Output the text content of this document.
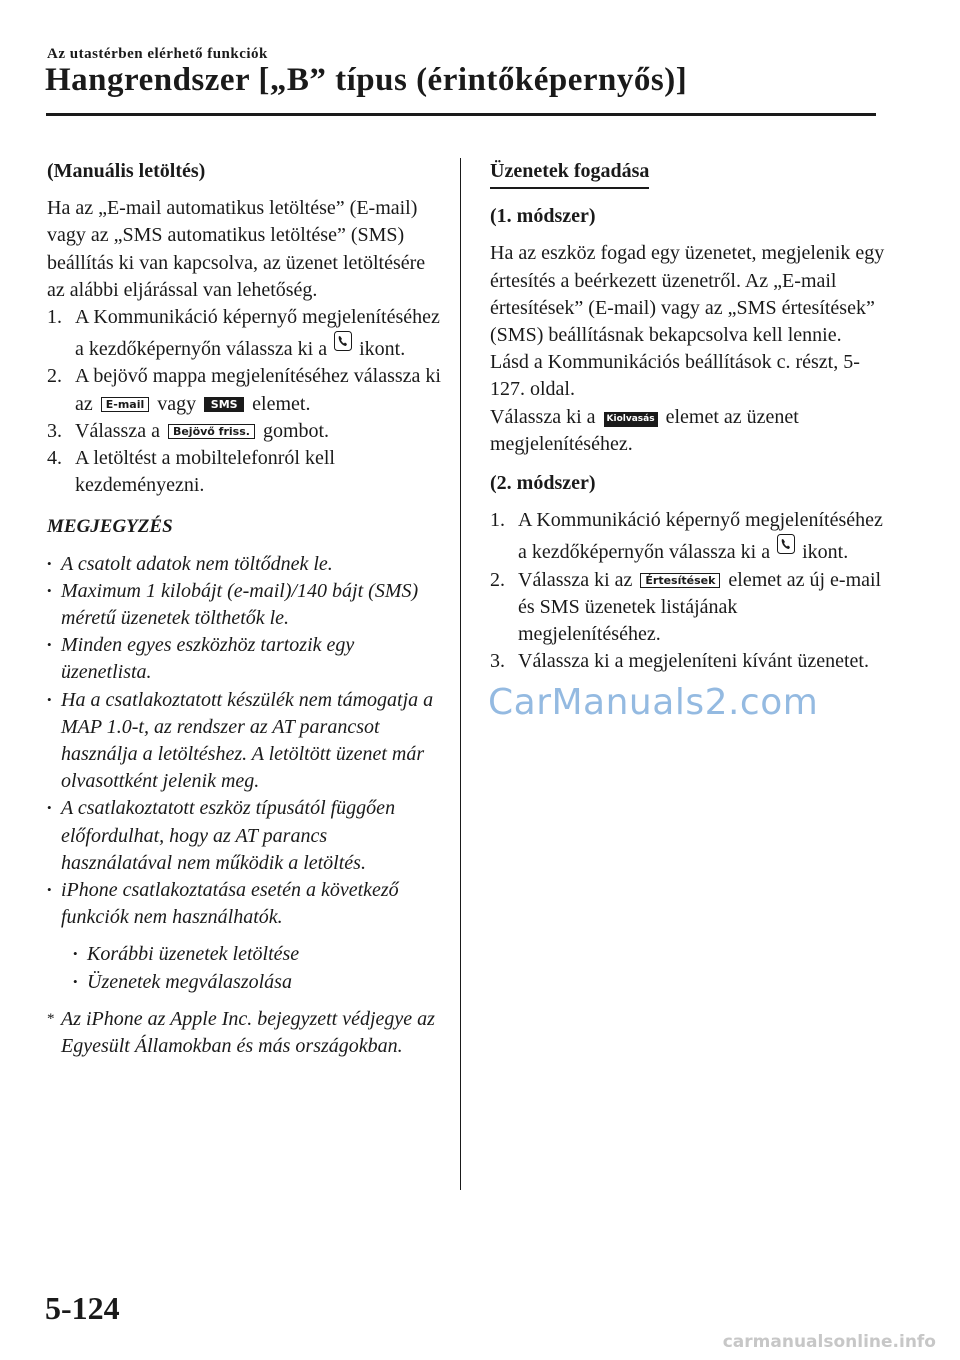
Az utastérben elérhető funkciók
Hangrendszer [„B” típus (érintőképernyős)]

(Manuális letöltés)

Ha az „E-mail automatikus letöltése” (E-mail) vagy az „SMS automatikus letöltése” (SMS) beállítás ki van kapcsolva, az üzenet letöltésére az alábbi eljárással van lehetőség.

1. A Kommunikáció képernyő megjelenítéséhez a kezdőképernyőn válassza ki a ikont.
2. A bejövő mappa megjelenítéséhez válassza ki az E-mail vagy SMS elemet.
3. Válassza a Bejövő friss. gombot.
4. A letöltést a mobiltelefonról kell kezdeményezni.

MEGJEGYZÉS

• A csatolt adatok nem töltődnek le.
• Maximum 1 kilobájt (e-mail)/140 bájt (SMS) méretű üzenetek tölthetők le.
• Minden egyes eszközhöz tartozik egy üzenetlista.
• Ha a csatlakoztatott készülék nem támogatja a MAP 1.0-t, az rendszer az AT parancsot használja a letöltéshez. A letöltött üzenet már olvasottként jelenik meg.
• A csatlakoztatott eszköz típusától függően előfordulhat, hogy az AT parancs használatával nem működik a letöltés.
• iPhone csatlakoztatása esetén a következő funkciók nem használhatók.
• Korábbi üzenetek letöltése
• Üzenetek megválaszolása

* Az iPhone az Apple Inc. bejegyzett védjegye az Egyesült Államokban és más országokban.

Üzenetek fogadása

(1. módszer)

Ha az eszköz fogad egy üzenetet, megjelenik egy értesítés a beérkezett üzenetről. Az „E-mail értesítések” (E-mail) vagy az „SMS értesítések” (SMS) beállításnak bekapcsolva kell lennie.

Lásd a Kommunikációs beállítások c. részt, 5-127. oldal.

Válassza ki a Kiolvasás elemet az üzenet megjelenítéséhez.

(2. módszer)

1. A Kommunikáció képernyő megjelenítéséhez a kezdőképernyőn válassza ki a ikont.
2. Válassza ki az Értesítések elemet az új e-mail és SMS üzenetek listájának megjelenítéséhez.
3. Válassza ki a megjeleníteni kívánt üzenetet.
CarManuals2.com
5-124
carmanualsonline.info
